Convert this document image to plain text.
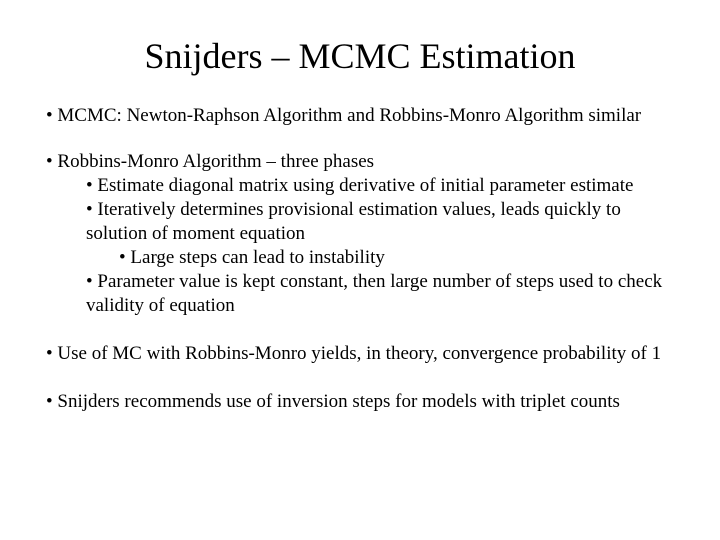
Snijders – MCMC Estimation
• MCMC: Newton-Raphson Algorithm and Robbins-Monro Algorithm similar
• Robbins-Monro Algorithm – three phases
• Estimate diagonal matrix using derivative of initial parameter estimate
• Iteratively determines provisional estimation values, leads quickly to
solution of moment equation
• Large steps can lead to instability
• Parameter value is kept constant, then large number of steps used to check
validity of equation
• Use of MC with Robbins-Monro yields, in theory, convergence probability of 1
• Snijders recommends use of inversion steps for models with triplet counts
